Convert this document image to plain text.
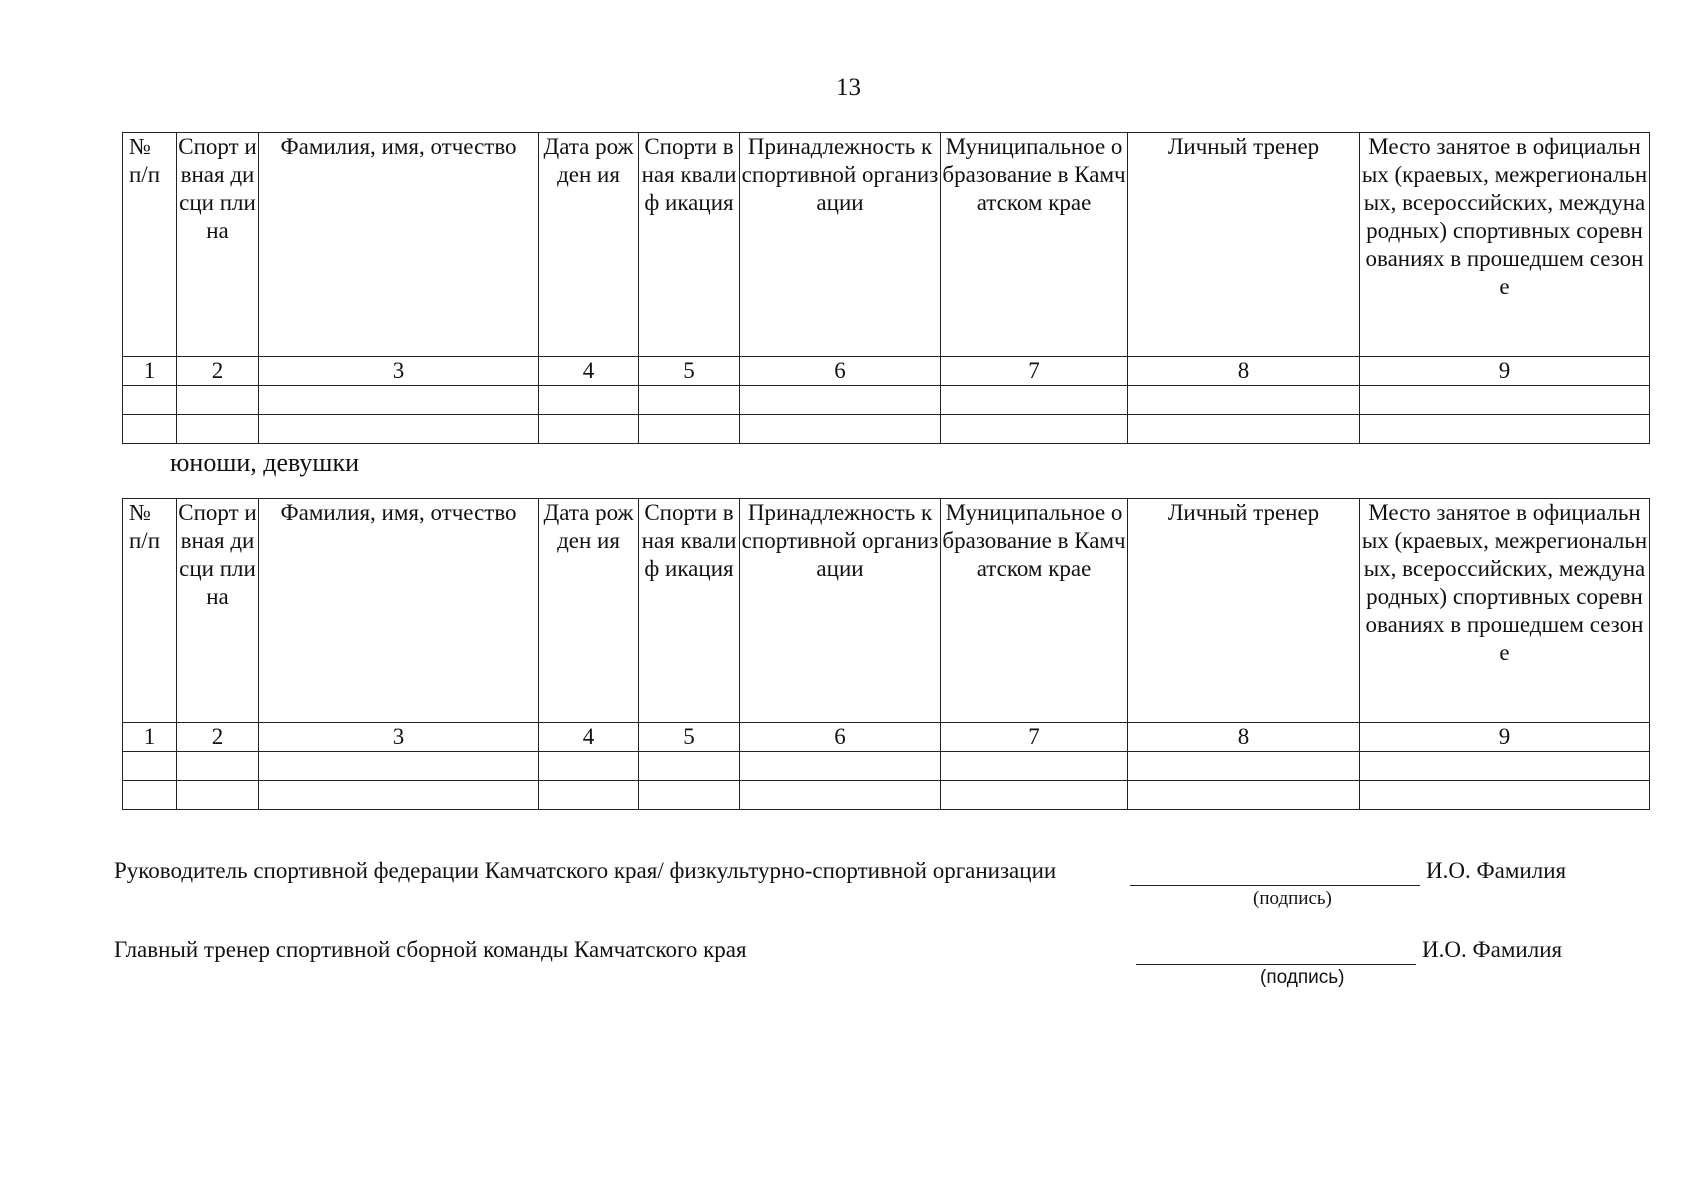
13
№ п/п	Спорт ивная дисци плина	Фамилия, имя, отчество	Дата рожден ия	Спорти вная квалиф икация	Принадлежность к спортивной организации	Муниципальное образование в Камчатском крае	Личный тренер	Место занятое в официальных (краевых, межрегиональных, всероссийских, международных) спортивных соревнованиях в прошедшем сезоне
1	2	3	4	5	6	7	8	9

юноши, девушки
№ п/п	Спорт ивная дисци плина	Фамилия, имя, отчество	Дата рожден ия	Спорти вная квалиф икация	Принадлежность к спортивной организации	Муниципальное образование в Камчатском крае	Личный тренер	Место занятое в официальных (краевых, межрегиональных, всероссийских, международных) спортивных соревнованиях в прошедшем сезоне
1	2	3	4	5	6	7	8	9

Руководитель спортивной федерации Камчатского края/ физкультурно-спортивной организации	И.О. Фамилия
(подпись)
Главный тренер спортивной сборной команды Камчатского края	И.О. Фамилия
(подпись)
